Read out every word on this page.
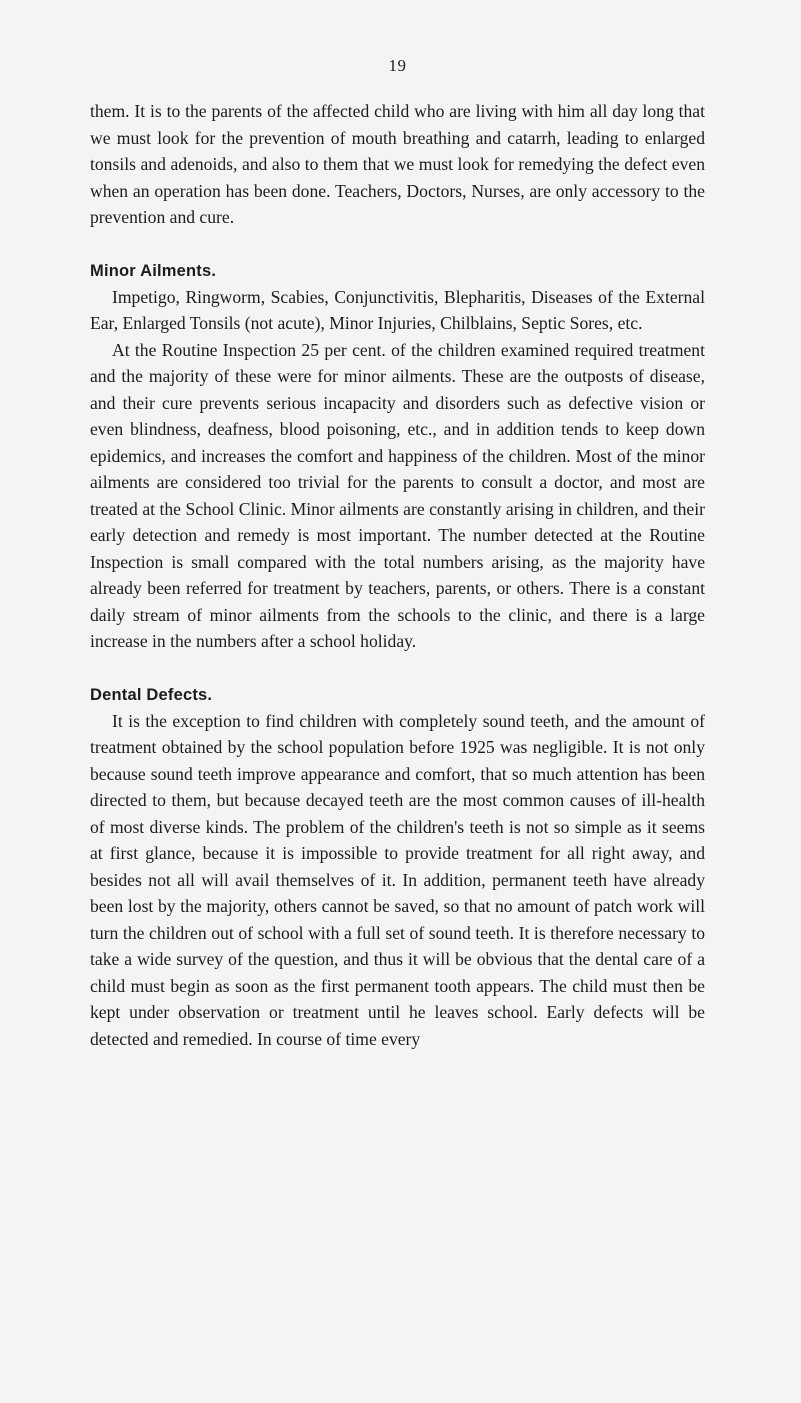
19

them. It is to the parents of the affected child who are living with him all day long that we must look for the prevention of mouth breathing and catarrh, leading to enlarged tonsils and adenoids, and also to them that we must look for remedying the defect even when an operation has been done. Teachers, Doctors, Nurses, are only accessory to the prevention and cure.

Minor Ailments.

Impetigo, Ringworm, Scabies, Conjunctivitis, Blepharitis, Diseases of the External Ear, Enlarged Tonsils (not acute), Minor Injuries, Chilblains, Septic Sores, etc.

At the Routine Inspection 25 per cent. of the children examined required treatment and the majority of these were for minor ailments. These are the outposts of disease, and their cure prevents serious incapacity and disorders such as defective vision or even blindness, deafness, blood poisoning, etc., and in addition tends to keep down epidemics, and increases the comfort and happiness of the children. Most of the minor ailments are considered too trivial for the parents to consult a doctor, and most are treated at the School Clinic. Minor ailments are constantly arising in children, and their early detection and remedy is most important. The number detected at the Routine Inspection is small compared with the total numbers arising, as the majority have already been referred for treatment by teachers, parents, or others. There is a constant daily stream of minor ailments from the schools to the clinic, and there is a large increase in the numbers after a school holiday.

Dental Defects.

It is the exception to find children with completely sound teeth, and the amount of treatment obtained by the school population before 1925 was negligible. It is not only because sound teeth improve appearance and comfort, that so much attention has been directed to them, but because decayed teeth are the most common causes of ill-health of most diverse kinds. The problem of the children's teeth is not so simple as it seems at first glance, because it is impossible to provide treatment for all right away, and besides not all will avail themselves of it. In addition, permanent teeth have already been lost by the majority, others cannot be saved, so that no amount of patch work will turn the children out of school with a full set of sound teeth. It is therefore necessary to take a wide survey of the question, and thus it will be obvious that the dental care of a child must begin as soon as the first permanent tooth appears. The child must then be kept under observation or treatment until he leaves school. Early defects will be detected and remedied. In course of time every
